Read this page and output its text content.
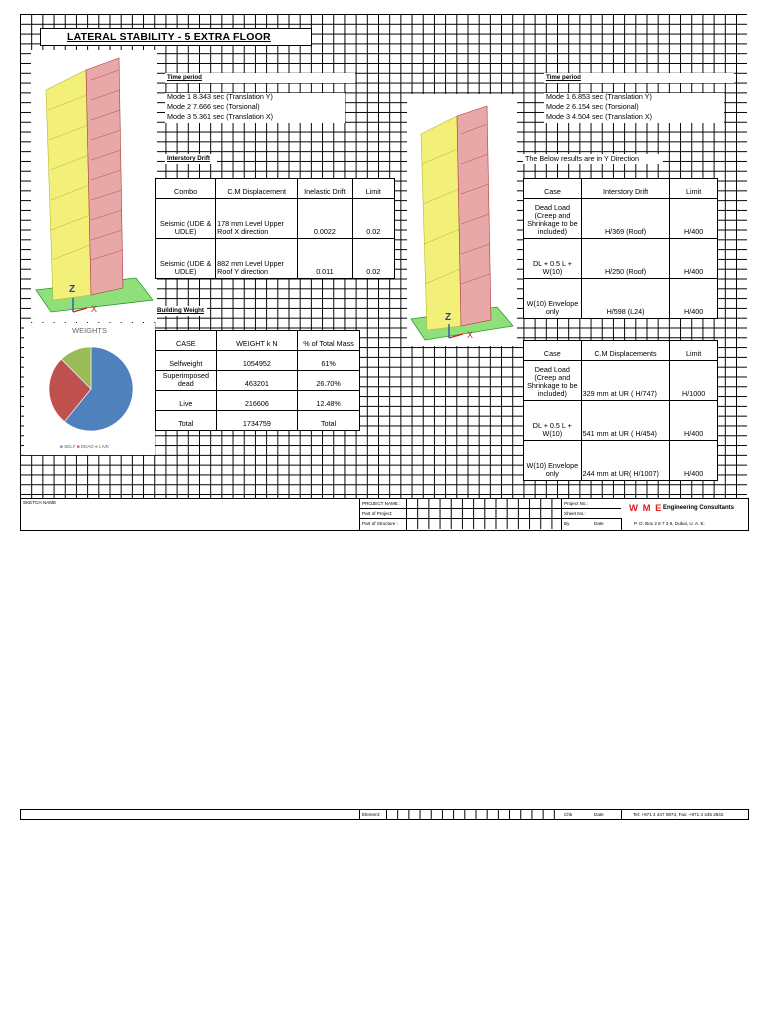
Z
X
LATERAL STABILITY - 5 EXTRA FLOOR
Time period
Mode 1 8.343 sec (Translation Y)
Mode 2 7.666 sec (Torsional)
Mode 3 5.361 sec (Translation X)
Interstory Drift
Combo	C.M Displacement	Inelastic Drift	Limit
Seismic (UDE & UDLE)	178 mm Level Upper Roof X direction	0.0022	0.02
Seismic (UDE & UDLE)	882 mm Level Upper Roof Y direction	0.011	0.02
Building Weight
CASE	WEIGHT k N	% of Total Mass
Selfweight	1054952	61%
Superimposed dead	463201	26.70%
Live	216606	12.48%
Total	1734759	Total
WEIGHTS
■ SELF ■ DEAD ■ LIVE
Z
X
Time period
Mode 1 6.853 sec (Translation Y)
Mode 2 6.154 sec (Torsional)
Mode 3 4.504 sec (Translation X)
The Below results are in Y Direction
Case	Interstory Drift	Limit
Dead Load (Creep and Shrinkage to be included)	H/369 (Roof)	H/400
DL + 0.5 L + W(10)	H/250 (Roof)	H/400
W(10) Envelope only	H/598 (L24)	H/400
Case	C.M Displacements	Limit
Dead Load (Creep and Shrinkage to be included)	329 mm at UR ( H/747)	H/1000
DL + 0.5 L + W(10)	541 mm at UR ( H/454)	H/400
W(10) Envelope only	244 mm at UR( H/1007)	H/400
SKETCH NAME	PROJECT NAME :
Part of Project:
Part of Structure :
Project No.:
Sheet No.:
By	Date
W M E Engineering Consultants
P. O. Box 2 6 7 3 9, Dubai, U. A. E.
Element:	Chk	Date	Tel: +971 4 447 0874, Fax: +971 4 445 2642
